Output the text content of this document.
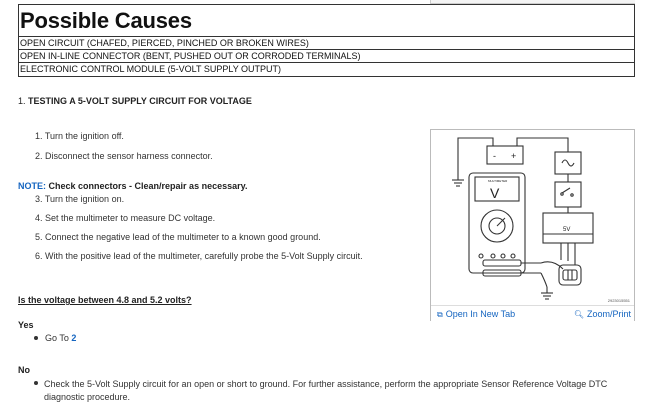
Possible Causes
OPEN CIRCUIT (CHAFED, PIERCED, PINCHED OR BROKEN WIRES)
OPEN IN-LINE CONNECTOR (BENT, PUSHED OUT OR CORRODED TERMINALS)
ELECTRONIC CONTROL MODULE (5-VOLT SUPPLY OUTPUT)
1. TESTING A 5-VOLT SUPPLY CIRCUIT FOR VOLTAGE
1. Turn the ignition off.
2. Disconnect the sensor harness connector.
NOTE: Check connectors - Clean/repair as necessary.
3. Turn the ignition on.
4. Set the multimeter to measure DC voltage.
5. Connect the negative lead of the multimeter to a known good ground.
6. With the positive lead of the multimeter, carefully probe the 5-Volt Supply circuit.
- +
MULTIMETER
V
5V
2923015551
⧉ Open In New Tab	🔍︎ Zoom/Print
Is the voltage between 4.8 and 5.2 volts?
Yes
Go To 2
No
Check the 5-Volt Supply circuit for an open or short to ground. For further assistance, perform the appropriate Sensor Reference Voltage DTC diagnostic procedure.
